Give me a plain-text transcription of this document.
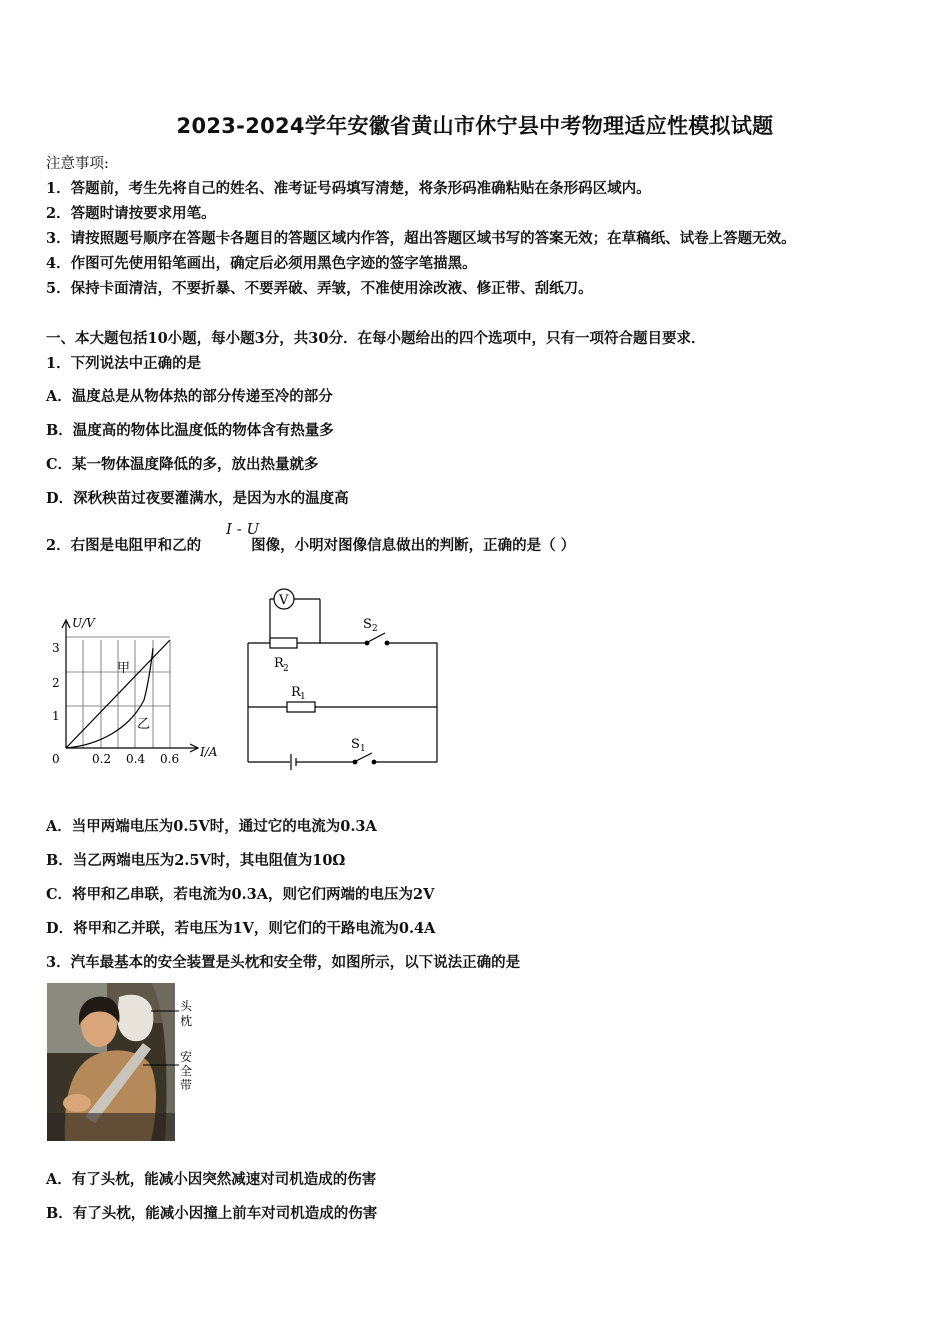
2023-2024学年安徽省黄山市休宁县中考物理适应性模拟试题
注意事项:
1．答题前，考生先将自己的姓名、准考证号码填写清楚，将条形码准确粘贴在条形码区域内。
2．答题时请按要求用笔。
3．请按照题号顺序在答题卡各题目的答题区域内作答，超出答题区域书写的答案无效；在草稿纸、试卷上答题无效。
4．作图可先使用铅笔画出，确定后必须用黑色字迹的签字笔描黑。
5．保持卡面清洁，不要折暴、不要弄破、弄皱，不准使用涂改液、修正带、刮纸刀。
一、本大题包括10小题，每小题3分，共30分．在每小题给出的四个选项中，只有一项符合题目要求．
1．下列说法中正确的是
A．温度总是从物体热的部分传递至冷的部分
B．温度高的物体比温度低的物体含有热量多
C．某一物体温度降低的多，放出热量就多
D．深秋秧苗过夜要灌满水，是因为水的温度高
2．右图是电阻甲和乙的	图像，小明对图像信息做出的判断，正确的是（ ）
I - U
U/V
I/A
3
2
1
0	0.2 0.4 0.6
甲
乙
V
S 2
R 2
R 1
S 1
A．当甲两端电压为0.5V时，通过它的电流为0.3A
B．当乙两端电压为2.5V时，其电阻值为10Ω
C．将甲和乙串联，若电流为0.3A，则它们两端的电压为2V
D．将甲和乙并联，若电压为1V，则它们的干路电流为0.4A
3．汽车最基本的安全装置是头枕和安全带，如图所示，以下说法正确的是
头
枕
安
全
带
A．有了头枕，能减小因突然减速对司机造成的伤害
B．有了头枕，能减小因撞上前车对司机造成的伤害
